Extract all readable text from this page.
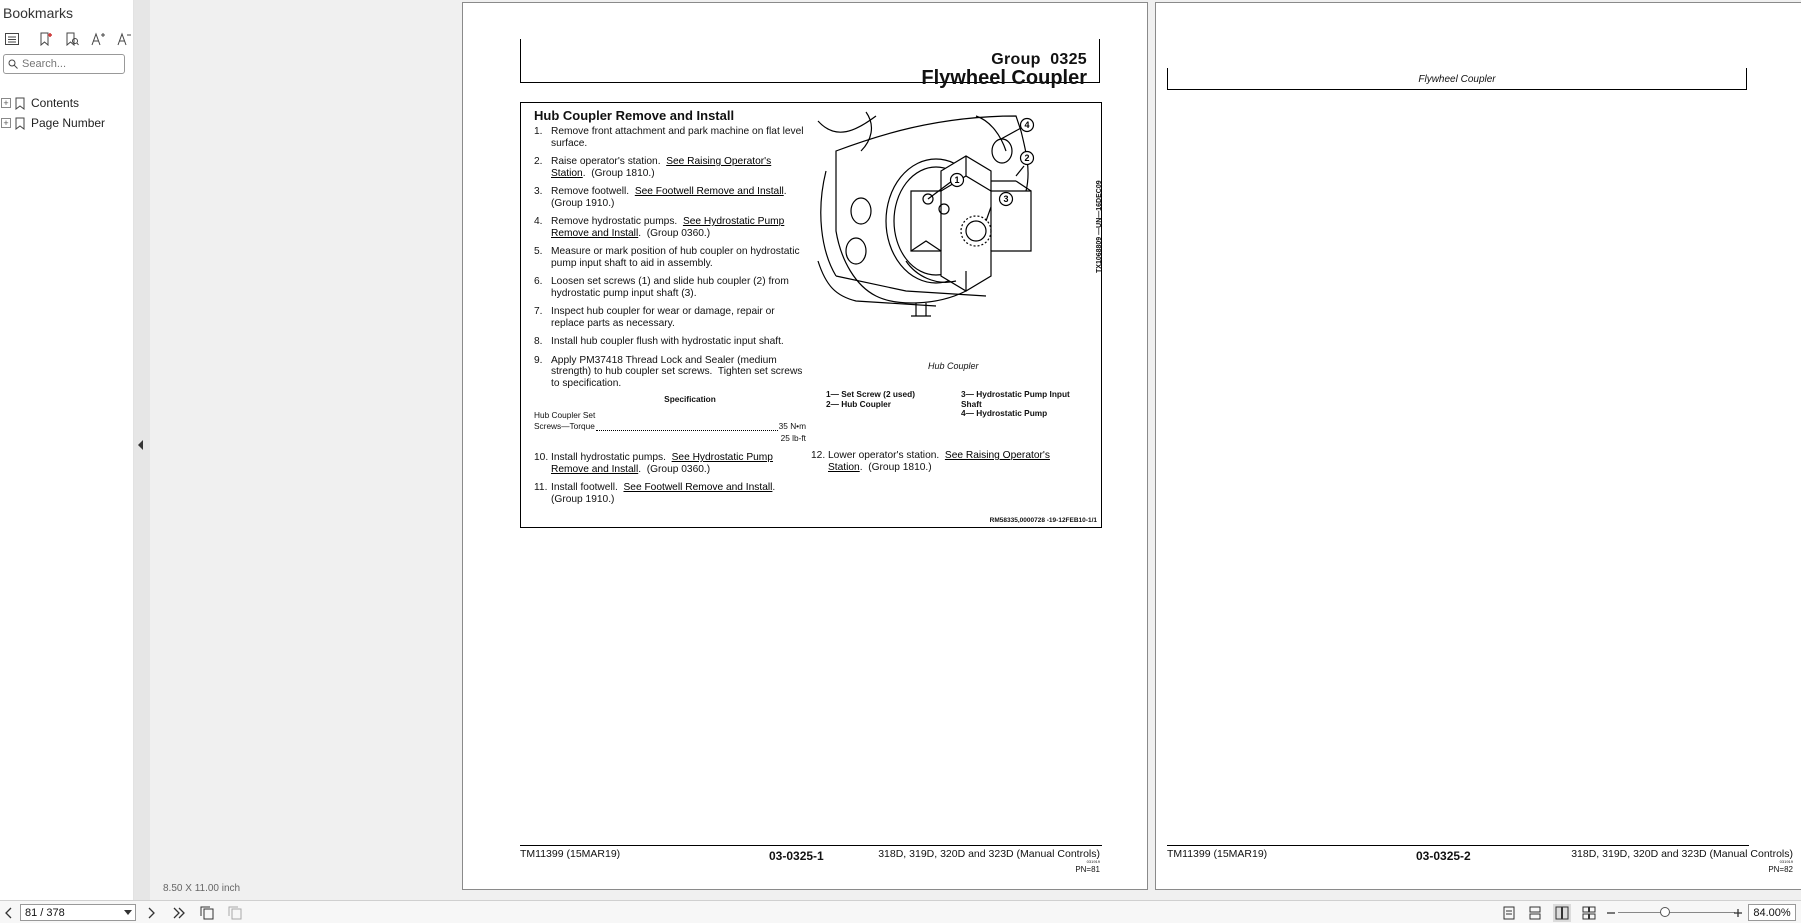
Bookmarks
Search...
+ Contents
+ Page Number
Group  0325
Flywheel Coupler
Hub Coupler Remove and Install
1. Remove front attachment and park machine on flat level surface.
2. Raise operator's station.  See Raising Operator's Station.  (Group 1810.)
3. Remove footwell.  See Footwell Remove and Install.  (Group 1910.)
4. Remove hydrostatic pumps.  See Hydrostatic Pump Remove and Install.  (Group 0360.)
5. Measure or mark position of hub coupler on hydrostatic pump input shaft to aid in assembly.
6. Loosen set screws (1) and slide hub coupler (2) from hydrostatic pump input shaft (3).
7. Inspect hub coupler for wear or damage, repair or replace parts as necessary.
8. Install hub coupler flush with hydrostatic input shaft.
9. Apply PM37418 Thread Lock and Sealer (medium strength) to hub coupler set screws.  Tighten set screws to specification.
Specification
Hub Coupler Set
Screws—Torque	35 N•m
25 lb-ft
10. Install hydrostatic pumps.  See Hydrostatic Pump Remove and Install.  (Group 0360.)
11. Install footwell.  See Footwell Remove and Install.  (Group 1910.)
1
2
3
4
TX1068809 —UN—16DEC09
Hub Coupler
1— Set Screw (2 used)
2— Hub Coupler
3— Hydrostatic Pump Input Shaft
4— Hydrostatic Pump
12. Lower operator's station.  See Raising Operator's Station.  (Group 1810.)
RM58335,0000728 -19-12FEB10-1/1
TM11399 (15MAR19)	03-0325-1	318D, 319D, 320D and 323D (Manual Controls)
031919
PN=81
Flywheel Coupler
TM11399 (15MAR19)	03-0325-2	318D, 319D, 320D and 323D (Manual Controls)
031919
PN=82
8.50 X 11.00 inch
81 / 378	84.00%
